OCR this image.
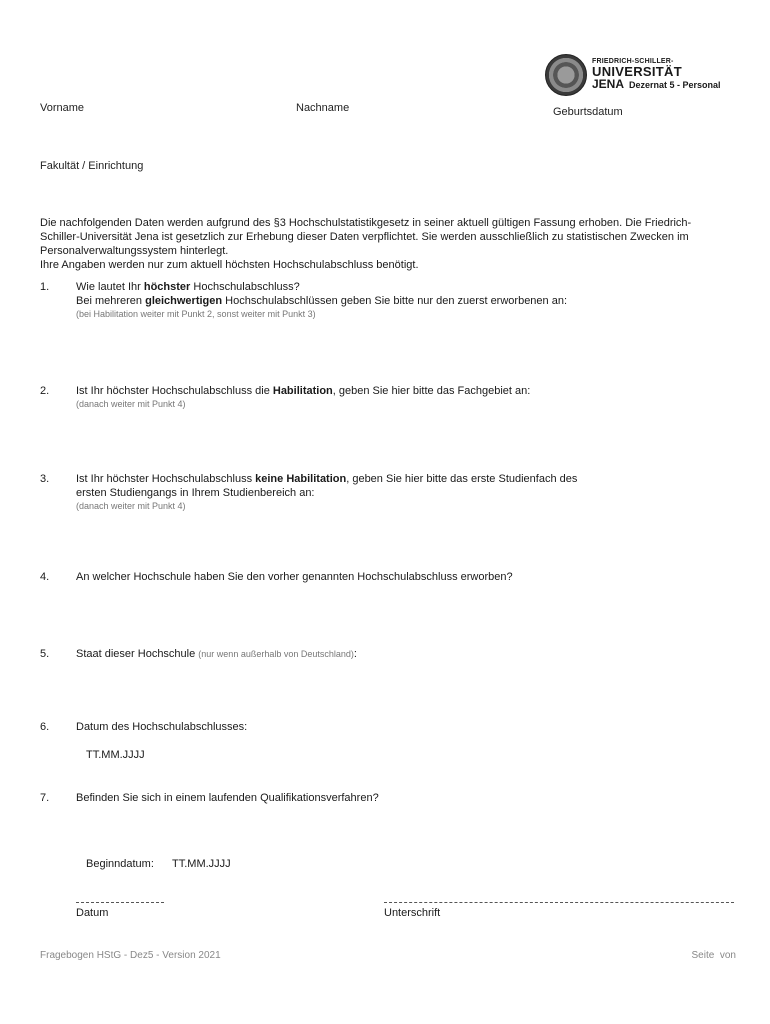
FRIEDRICH-SCHILLER-
UNIVERSITÄT
JENA Dezernat 5 - Personal
Vorname	Nachname	Geburtsdatum
Fakultät / Einrichtung
Die nachfolgenden Daten werden aufgrund des §3 Hochschulstatistikgesetz in seiner aktuell gültigen Fassung erhoben. Die Friedrich-
Schiller-Universität Jena ist gesetzlich zur Erhebung dieser Daten verpflichtet. Sie werden ausschließlich zu statistischen Zwecken im
Personalverwaltungssystem hinterlegt.
Ihre Angaben werden nur zum aktuell höchsten Hochschulabschluss benötigt.
1.	Wie lautet Ihr höchster Hochschulabschluss?
Bei mehreren gleichwertigen Hochschulabschlüssen geben Sie bitte nur den zuerst erworbenen an:
(bei Habilitation weiter mit Punkt 2, sonst weiter mit Punkt 3)
2.	Ist Ihr höchster Hochschulabschluss die Habilitation, geben Sie hier bitte das Fachgebiet an:
(danach weiter mit Punkt 4)
3.	Ist Ihr höchster Hochschulabschluss keine Habilitation, geben Sie hier bitte das erste Studienfach des
ersten Studiengangs in Ihrem Studienbereich an:
(danach weiter mit Punkt 4)
4.	An welcher Hochschule haben Sie den vorher genannten Hochschulabschluss erworben?
5.	Staat dieser Hochschule (nur wenn außerhalb von Deutschland):
6.	Datum des Hochschulabschlusses:
TT.MM.JJJJ
7.	Befinden Sie sich in einem laufenden Qualifikationsverfahren?
Beginndatum: TT.MM.JJJJ
Datum	Unterschrift
Fragebogen HStG - Dez5 - Version 2021	Seite  von
